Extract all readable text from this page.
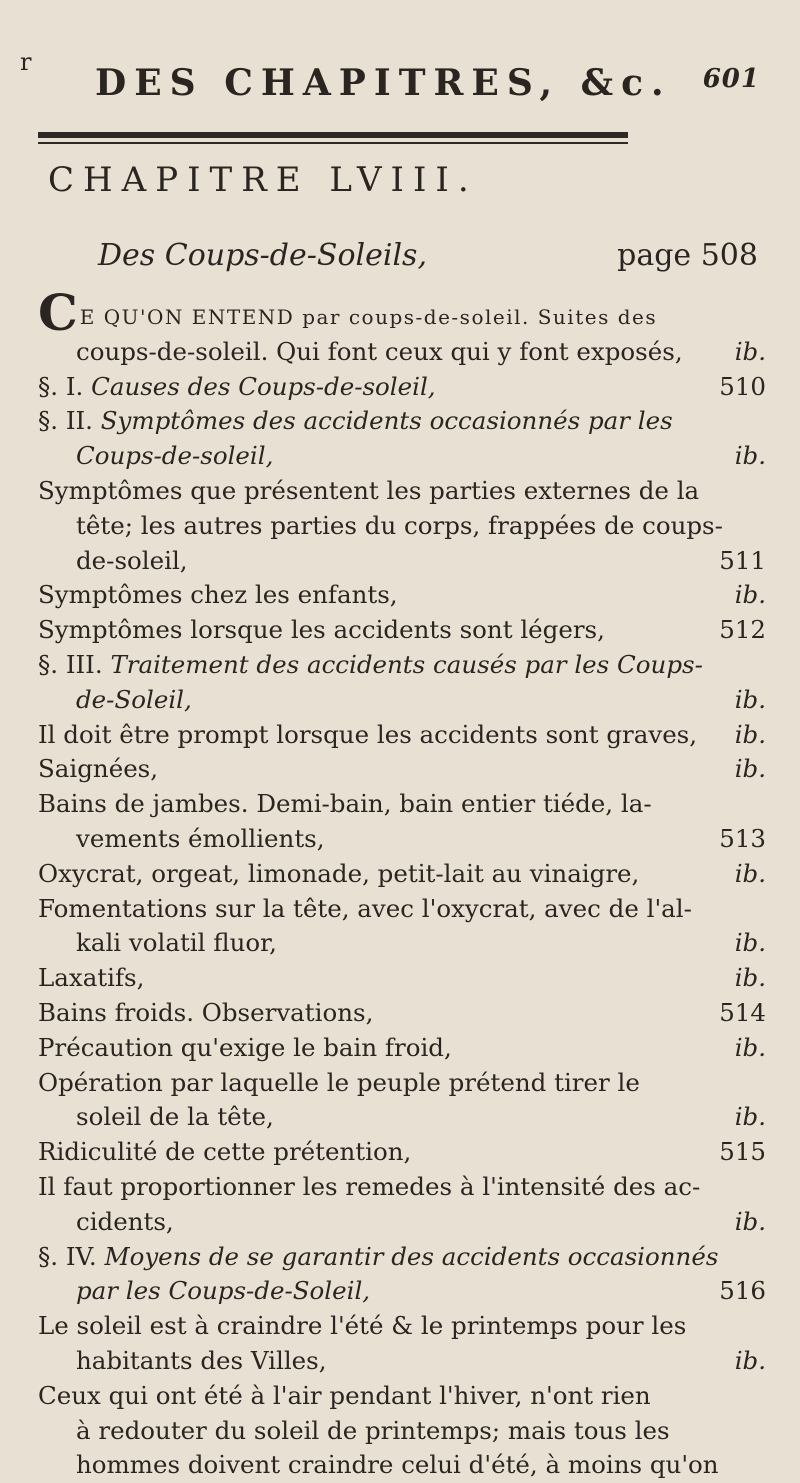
r DES CHAPITRES, &c. 601
CHAPITRE LVIII.
Des Coups-de-Soleils,	page 508
C E QU'ON ENTEND par coups-de-soleil. Suites des
coups-de-soleil. Qui font ceux qui y font exposés,	ib.
§. I. Causes des Coups-de-soleil,	510
§. II. Symptômes des accidents occasionnés par les
Coups-de-soleil,	ib.
Symptômes que présentent les parties externes de la
tête; les autres parties du corps, frappées de coups-
de-soleil,	511
Symptômes chez les enfants,	ib.
Symptômes lorsque les accidents sont légers,	512
§. III. Traitement des accidents causés par les Coups-
de-Soleil,	ib.
Il doit être prompt lorsque les accidents sont graves,	ib.
Saignées,	ib.
Bains de jambes. Demi-bain, bain entier tiéde, la-
vements émollients,	513
Oxycrat, orgeat, limonade, petit-lait au vinaigre,	ib.
Fomentations sur la tête, avec l'oxycrat, avec de l'al-
kali volatil fluor,	ib.
Laxatifs,	ib.
Bains froids. Observations,	514
Précaution qu'exige le bain froid,	ib.
Opération par laquelle le peuple prétend tirer le
soleil de la tête,	ib.
Ridiculité de cette prétention,	515
Il faut proportionner les remedes à l'intensité des ac-
cidents,	ib.
§. IV. Moyens de se garantir des accidents occasionnés
par les Coups-de-Soleil,	516
Le soleil est à craindre l'été & le printemps pour les
habitants des Villes,	ib.
Ceux qui ont été à l'air pendant l'hiver, n'ont rien
à redouter du soleil de printemps; mais tous les
hommes doivent craindre celui d'été, à moins qu'on
